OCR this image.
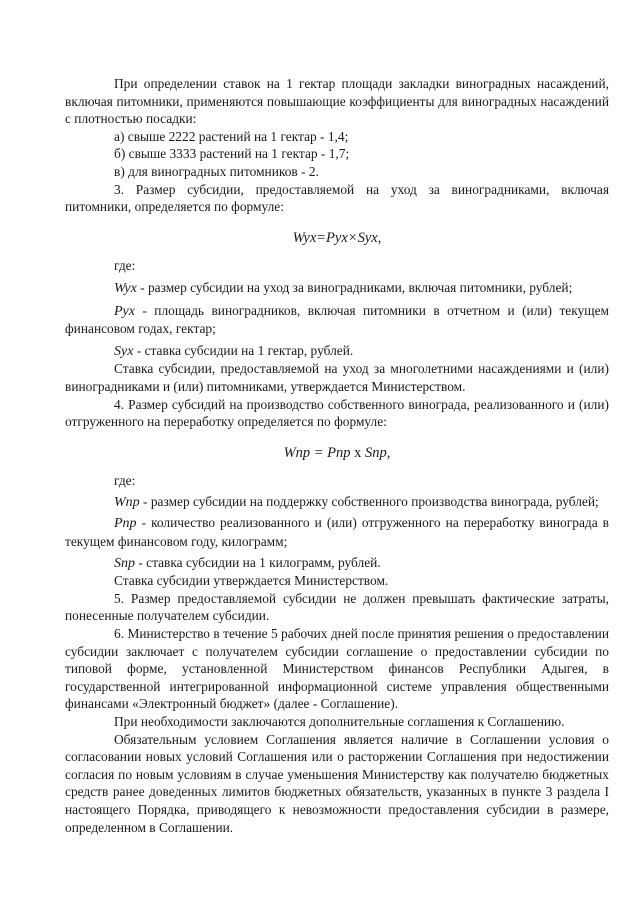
При определении ставок на 1 гектар площади закладки виноградных насаждений, включая питомники, применяются повышающие коэффициенты для виноградных насаждений с плотностью посадки:

а) свыше 2222 растений на 1 гектар - 1,4;

б) свыше 3333 растений на 1 гектар - 1,7;

в) для виноградных питомников - 2.

3. Размер субсидии, предоставляемой на уход за виноградниками, включая питомники, определяется по формуле:

Wyx=Pyx×Syx,

где:

Wyx - размер субсидии на уход за виноградниками, включая питомники, рублей;

Pyx - площадь виноградников, включая питомники в отчетном и (или) текущем финансовом годах, гектар;

Syx - ставка субсидии на 1 гектар, рублей.

Ставка субсидии, предоставляемой на уход за многолетними насаждениями и (или) виноградниками и (или) питомниками, утверждается Министерством.

4. Размер субсидий на производство собственного винограда, реализованного и (или) отгруженного на переработку определяется по формуле:

Wпр = Рпр х Sпр,

где:

Wпр - размер субсидии на поддержку собственного производства винограда, рублей;

Рпр - количество реализованного и (или) отгруженного на переработку винограда в текущем финансовом году, килограмм;

Sпр - ставка субсидии на 1 килограмм, рублей.

Ставка субсидии утверждается Министерством.

5. Размер предоставляемой субсидии не должен превышать фактические затраты, понесенные получателем субсидии.

6. Министерство в течение 5 рабочих дней после принятия решения о предоставлении субсидии заключает с получателем субсидии соглашение о предоставлении субсидии по типовой форме, установленной Министерством финансов Республики Адыгея, в государственной интегрированной информационной системе управления общественными финансами «Электронный бюджет» (далее - Соглашение).

При необходимости заключаются дополнительные соглашения к Соглашению.

Обязательным условием Соглашения является наличие в Соглашении условия о согласовании новых условий Соглашения или о расторжении Соглашения при недостижении согласия по новым условиям в случае уменьшения Министерству как получателю бюджетных средств ранее доведенных лимитов бюджетных обязательств, указанных в пункте 3 раздела I настоящего Порядка, приводящего к невозможности предоставления субсидии в размере, определенном в Соглашении.
